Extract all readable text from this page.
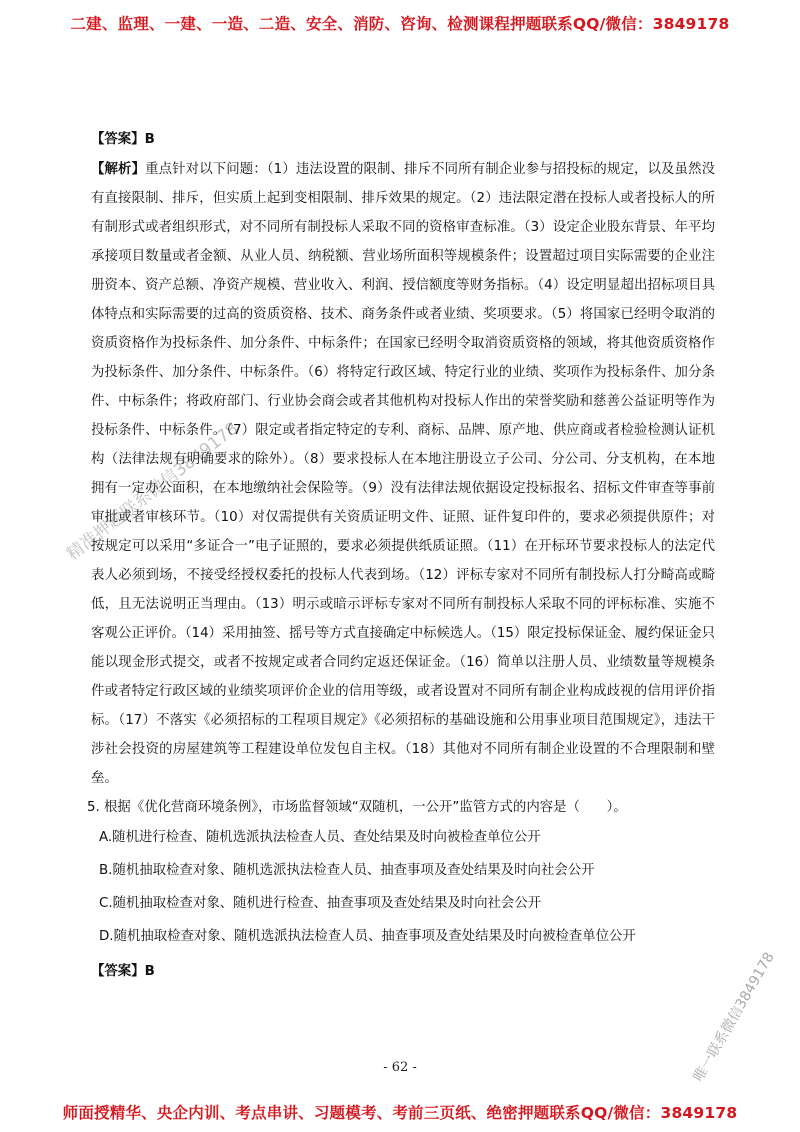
二建、监理、一建、一造、二造、安全、消防、咨询、检测课程押题联系QQ/微信：3849178
精准押题联系微信3849178
唯一联系微信3849178

【答案】B

【解析】重点针对以下问题：（1）违法设置的限制、排斥不同所有制企业参与招投标的规定，以及虽然没有直接限制、排斥，但实质上起到变相限制、排斥效果的规定。（2）违法限定潜在投标人或者投标人的所有制形式或者组织形式，对不同所有制投标人采取不同的资格审查标准。（3）设定企业股东背景、年平均承接项目数量或者金额、从业人员、纳税额、营业场所面积等规模条件；设置超过项目实际需要的企业注册资本、资产总额、净资产规模、营业收入、利润、授信额度等财务指标。（4）设定明显超出招标项目具体特点和实际需要的过高的资质资格、技术、商务条件或者业绩、奖项要求。（5）将国家已经明令取消的资质资格作为投标条件、加分条件、中标条件；在国家已经明令取消资质资格的领域，将其他资质资格作为投标条件、加分条件、中标条件。（6）将特定行政区域、特定行业的业绩、奖项作为投标条件、加分条件、中标条件；将政府部门、行业协会商会或者其他机构对投标人作出的荣誉奖励和慈善公益证明等作为投标条件、中标条件。（7）限定或者指定特定的专利、商标、品牌、原产地、供应商或者检验检测认证机构（法律法规有明确要求的除外）。（8）要求投标人在本地注册设立子公司、分公司、分支机构，在本地拥有一定办公面积，在本地缴纳社会保险等。（9）没有法律法规依据设定投标报名、招标文件审查等事前审批或者审核环节。（10）对仅需提供有关资质证明文件、证照、证件复印件的，要求必须提供原件；对按规定可以采用“多证合一”电子证照的，要求必须提供纸质证照。（11）在开标环节要求投标人的法定代表人必须到场，不接受经授权委托的投标人代表到场。（12）评标专家对不同所有制投标人打分畸高或畸低，且无法说明正当理由。（13）明示或暗示评标专家对不同所有制投标人采取不同的评标标准、实施不客观公正评价。（14）采用抽签、摇号等方式直接确定中标候选人。（15）限定投标保证金、履约保证金只能以现金形式提交，或者不按规定或者合同约定返还保证金。（16）简单以注册人员、业绩数量等规模条件或者特定行政区域的业绩奖项评价企业的信用等级，或者设置对不同所有制企业构成歧视的信用评价指标。（17）不落实《必须招标的工程项目规定》《必须招标的基础设施和公用事业项目范围规定》，违法干涉社会投资的房屋建筑等工程建设单位发包自主权。（18）其他对不同所有制企业设置的不合理限制和壁垒。

5. 根据《优化营商环境条例》，市场监督领域“双随机，一公开”监管方式的内容是（　　）。

A.随机进行检查、随机选派执法检查人员、查处结果及时向被检查单位公开

B.随机抽取检查对象、随机选派执法检查人员、抽查事项及查处结果及时向社会公开

C.随机抽取检查对象、随机进行检查、抽查事项及查处结果及时向社会公开

D.随机抽取检查对象、随机选派执法检查人员、抽查事项及查处结果及时向被检查单位公开

【答案】B

- 62 -
师面授精华、央企内训、考点串讲、习题模考、考前三页纸、绝密押题联系QQ/微信：3849178
